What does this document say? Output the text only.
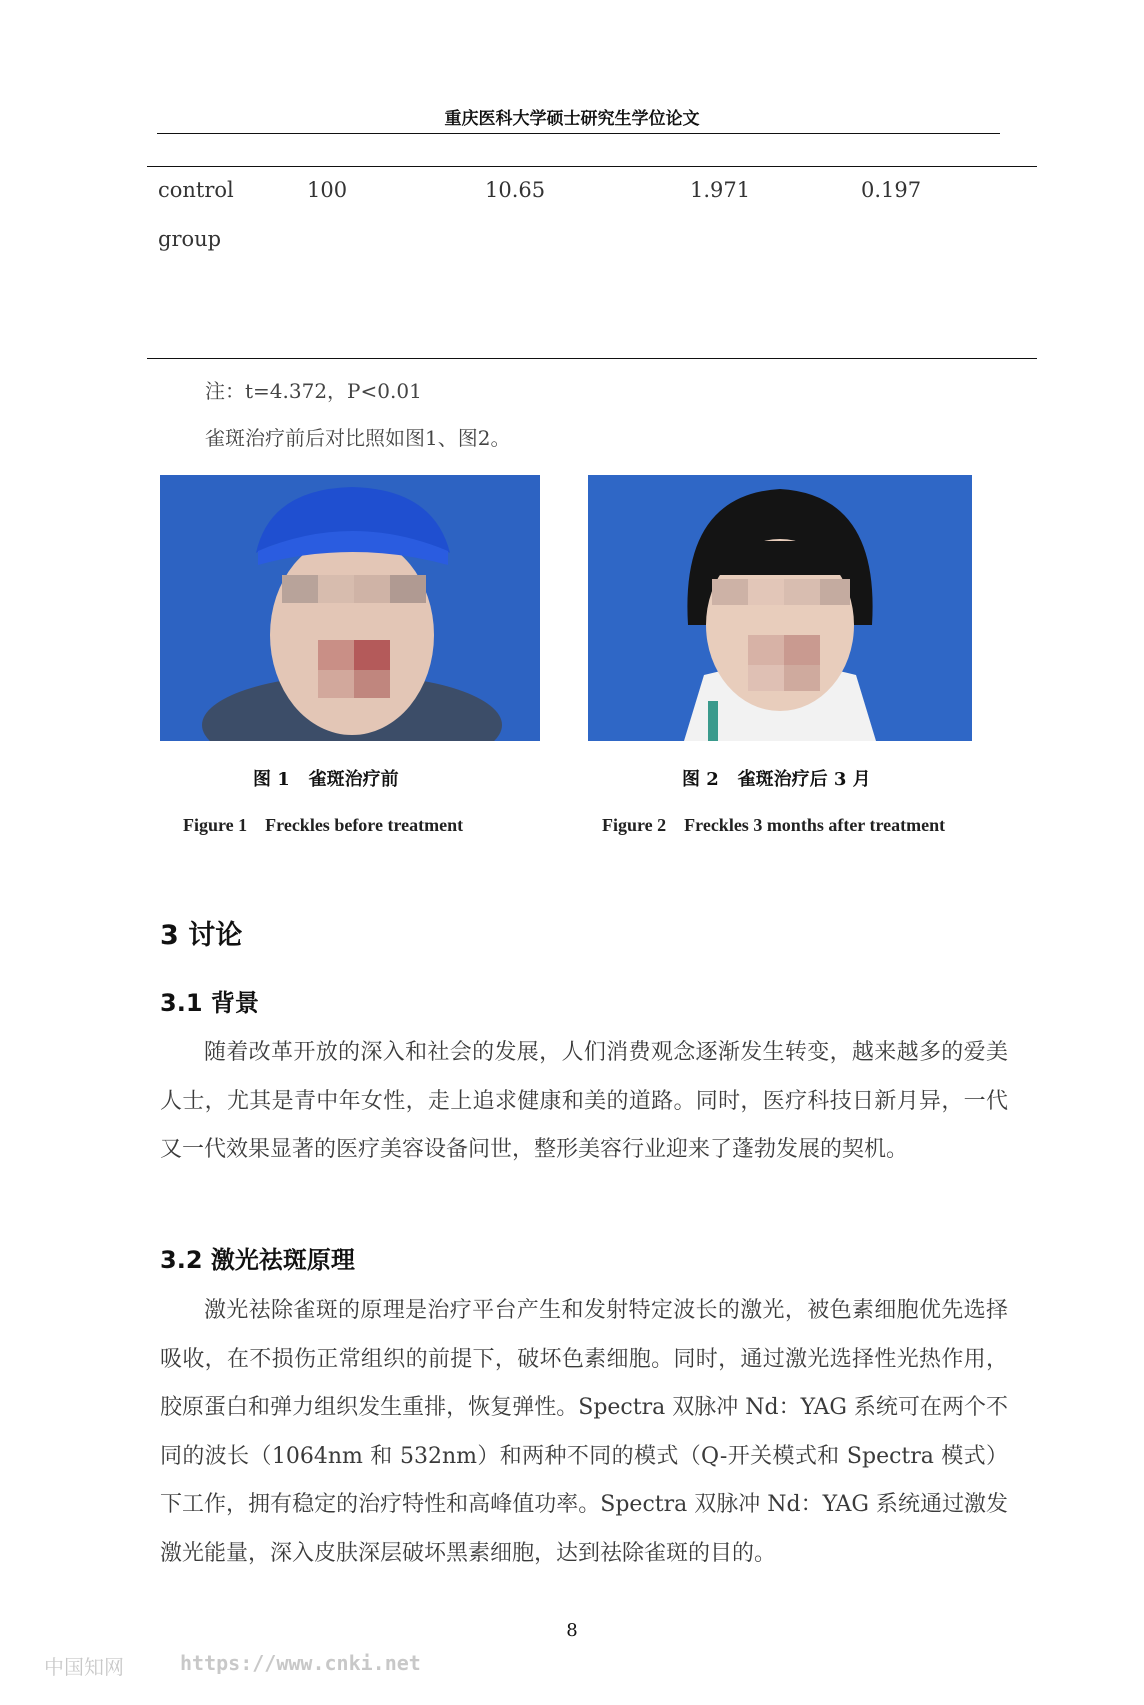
重庆医科大学硕士研究生学位论文
control	100	10.65	1.971	0.197
group
注：t=4.372，P<0.01
雀斑治疗前后对比照如图1、图2。
图 1 雀斑治疗前	图 2 雀斑治疗后 3 月
Figure 1 Freckles before treatment	Figure 2 Freckles 3 months after treatment
3 讨论
3.1 背景
随着改革开放的深入和社会的发展，人们消费观念逐渐发生转变，越来越多的爱美人士，尤其是青中年女性，走上追求健康和美的道路。同时，医疗科技日新月异，一代又一代效果显著的医疗美容设备问世，整形美容行业迎来了蓬勃发展的契机。
3.2 激光祛斑原理
激光祛除雀斑的原理是治疗平台产生和发射特定波长的激光，被色素细胞优先选择吸收，在不损伤正常组织的前提下，破坏色素细胞。同时，通过激光选择性光热作用，胶原蛋白和弹力组织发生重排，恢复弹性。Spectra 双脉冲 Nd：YAG 系统可在两个不同的波长（1064nm 和 532nm）和两种不同的模式（Q-开关模式和 Spectra 模式）下工作，拥有稳定的治疗特性和高峰值功率。Spectra 双脉冲 Nd：YAG 系统通过激发激光能量，深入皮肤深层破坏黑素细胞，达到祛除雀斑的目的。
8
中国知网	https://www.cnki.net
